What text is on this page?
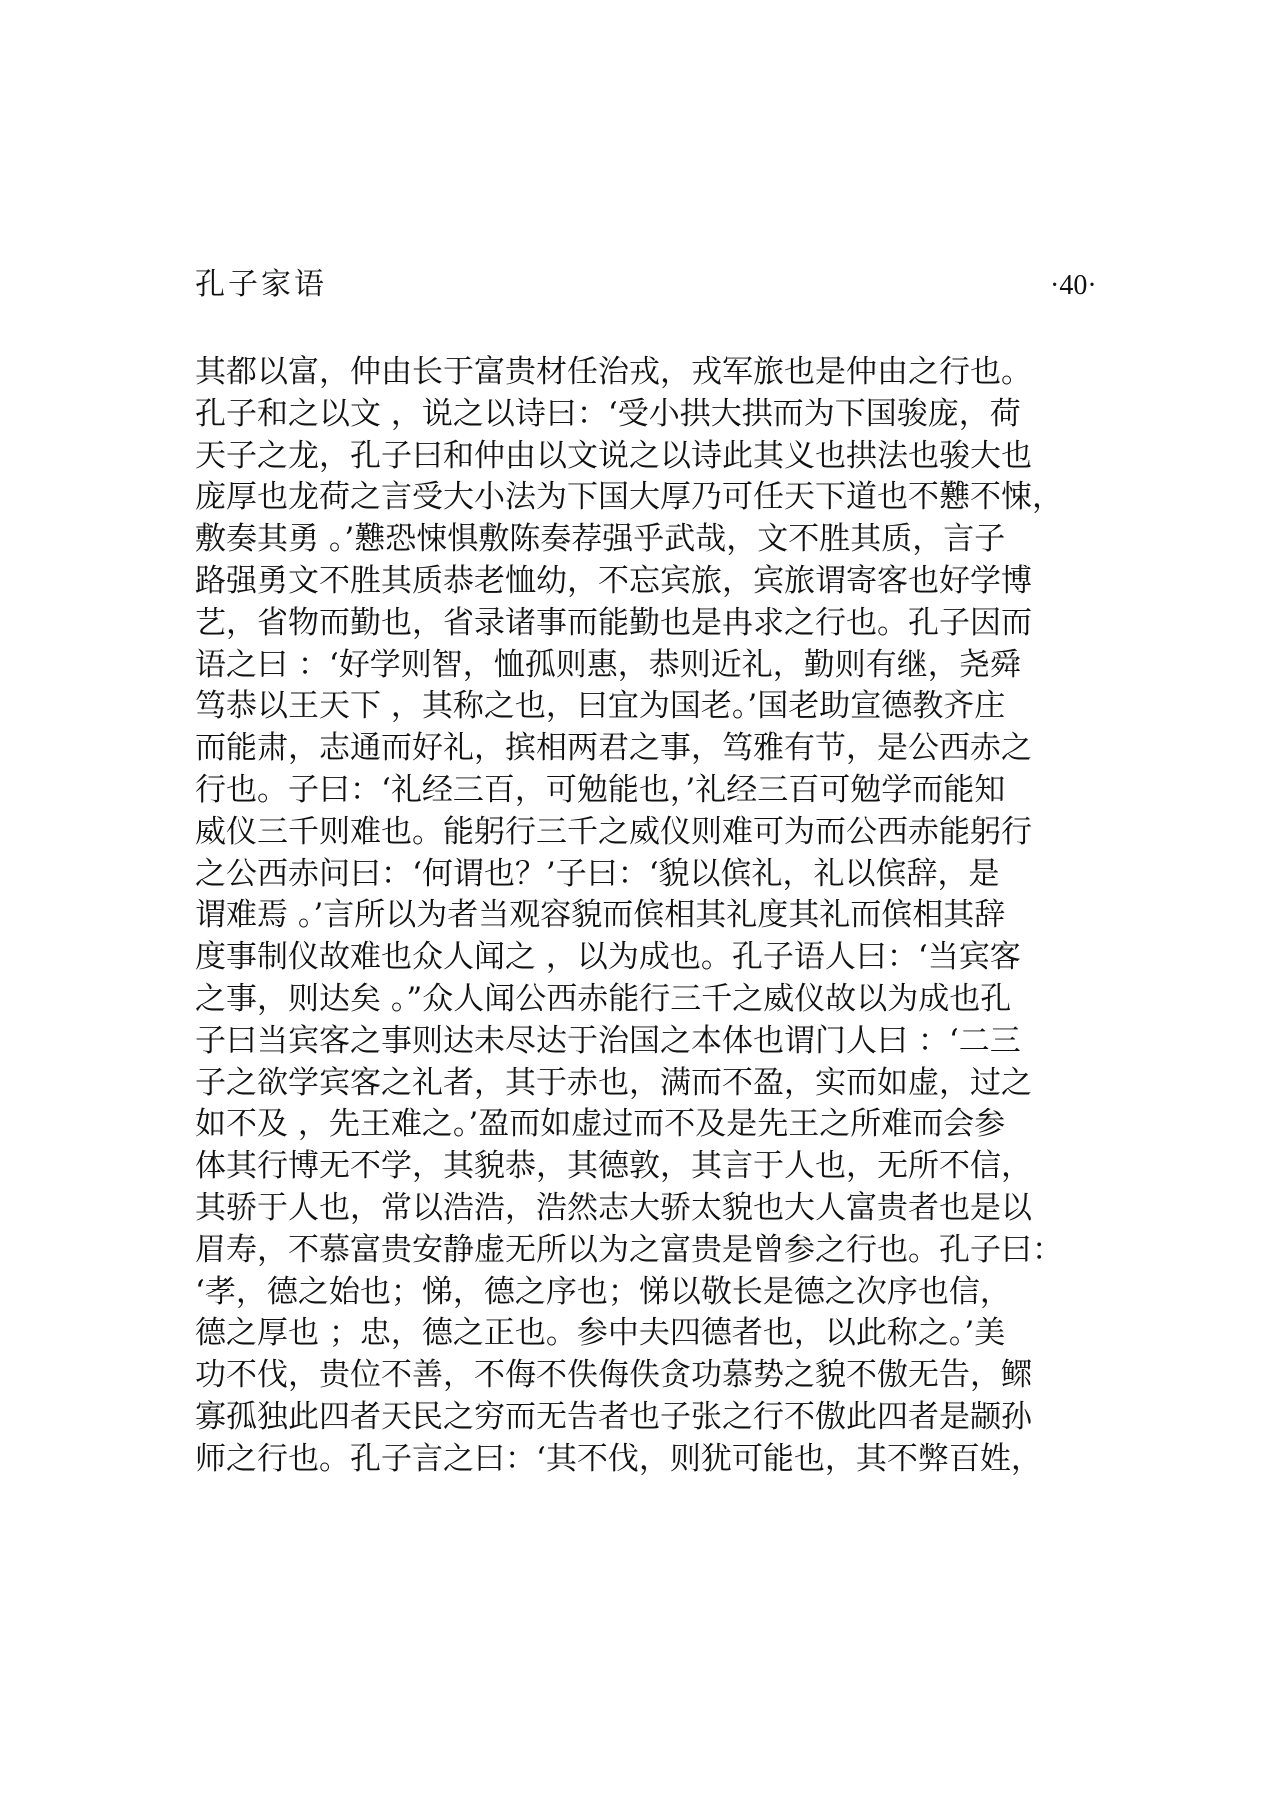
孔子家语	·40·
其都以富，仲由长于富贵材任治戎，戎军旅也是仲由之行也。
孔子和之以文 ，说之以诗曰：‘受小拱大拱而为下国骏庞，荷
天子之龙，孔子曰和仲由以文说之以诗此其义也拱法也骏大也
庞厚也龙荷之言受大小法为下国大厚乃可任天下道也不戁不悚，
敷奏其勇 。’戁恐悚惧敷陈奏荐强乎武哉，文不胜其质，言子
路强勇文不胜其质恭老恤幼，不忘宾旅，宾旅谓寄客也好学博
艺，省物而勤也，省录诸事而能勤也是冉求之行也。孔子因而
语之曰 ：‘好学则智，恤孤则惠，恭则近礼，勤则有继，尧舜
笃恭以王天下 ，其称之也，曰宜为国老。’国老助宣德教齐庄
而能肃，志通而好礼，摈相两君之事，笃雅有节，是公西赤之
行也。子曰：‘礼经三百，可勉能也，’礼经三百可勉学而能知
威仪三千则难也。能躬行三千之威仪则难可为而公西赤能躬行
之公西赤问曰：‘何谓也？’子曰：‘貌以傧礼，礼以傧辞，是
谓难焉 。’言所以为者当观容貌而傧相其礼度其礼而傧相其辞
度事制仪故难也众人闻之 ，以为成也。孔子语人曰：‘当宾客
之事，则达矣 。”众人闻公西赤能行三千之威仪故以为成也孔
子曰当宾客之事则达未尽达于治国之本体也谓门人曰 ：‘二三
子之欲学宾客之礼者，其于赤也，满而不盈，实而如虚，过之
如不及 ，先王难之。’盈而如虚过而不及是先王之所难而会参
体其行博无不学，其貌恭，其德敦，其言于人也，无所不信，
其骄于人也，常以浩浩，浩然志大骄太貌也大人富贵者也是以
眉寿，不慕富贵安静虚无所以为之富贵是曾参之行也。孔子曰：
‘孝，德之始也；悌，德之序也；悌以敬长是德之次序也信，
德之厚也 ；忠，德之正也。参中夫四德者也，以此称之。’美
功不伐，贵位不善，不侮不佚侮佚贪功慕势之貌不傲无告，鳏
寡孤独此四者天民之穷而无告者也子张之行不傲此四者是颛孙
师之行也。孔子言之曰：‘其不伐，则犹可能也，其不弊百姓，
